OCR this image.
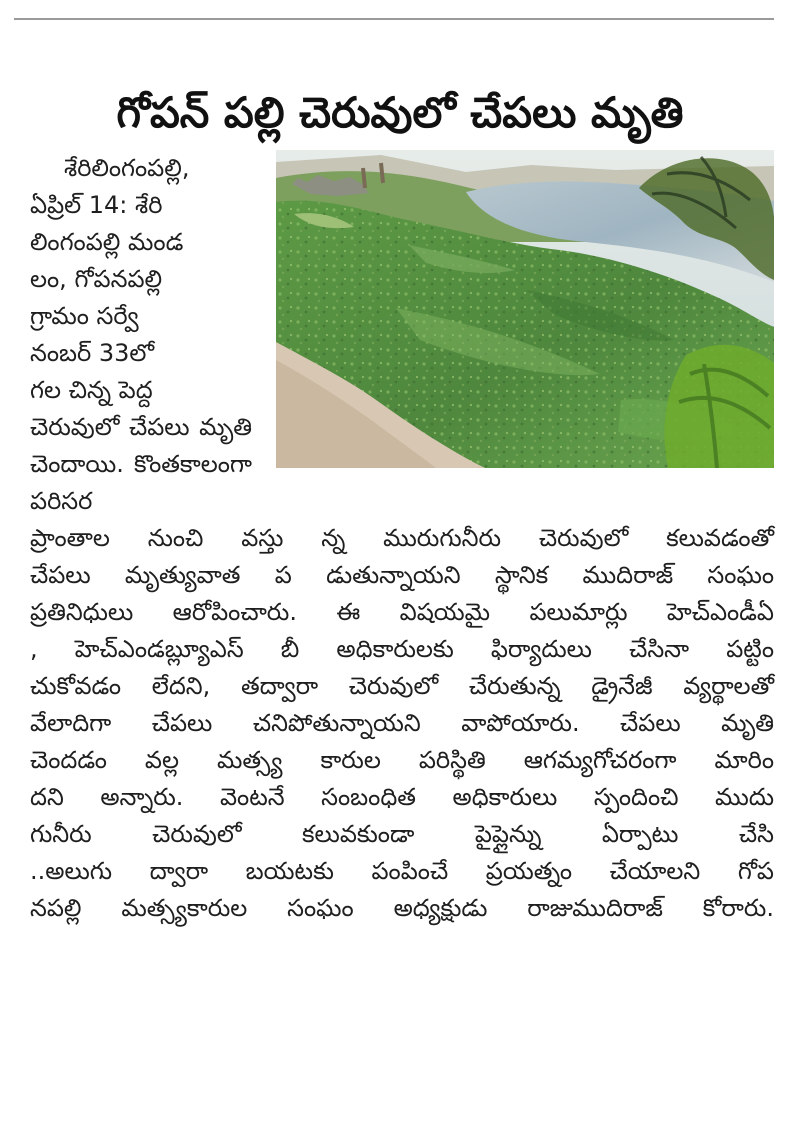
గోపన్ పల్లి చెరువులో చేపలు మృతి
శేరిలింగంపల్లి,
ఏప్రిల్ 14: శేరి
లింగంపల్లి మండ
లం, గోపనపల్లి
గ్రామం సర్వే
నంబర్ 33లో
గల చిన్న పెద్ద
చెరువులో చేపలు మృతి చెందాయి. కొంతకాలంగా పరిసర
ప్రాంతాల నుంచి వస్తు న్న మురుగునీరు చెరువులో కలువడంతో
చేపలు మృత్యువాత ప డుతున్నాయని స్థానిక ముదిరాజ్ సంఘం
ప్రతినిధులు ఆరోపించారు. ఈ విషయమై పలుమార్లు హెచ్ఎండీఏ
, హెచ్ఎండబ్ల్యూఎస్ బీ అధికారులకు ఫిర్యాదులు చేసినా పట్టిం
చుకోవడం లేదని, తద్వారా చెరువులో చేరుతున్న డ్రైనేజీ వ్యర్థాలతో
వేలాదిగా చేపలు చనిపోతున్నాయని వాపోయారు. చేపలు మృతి
చెందడం వల్ల మత్స్య కారుల పరిస్థితి ఆగమ్యగోచరంగా మారిం
దని అన్నారు. వెంటనే సంబంధిత అధికారులు స్పందించి ముదు
గునీరు చెరువులో కలువకుండా పైప్లైన్ను ఏర్పాటు చేసి
..అలుగు ద్వారా బయటకు పంపించే ప్రయత్నం చేయాలని గోప
నపల్లి మత్స్యకారుల సంఘం అధ్యక్షుడు రాజుముదిరాజ్ కోరారు.
